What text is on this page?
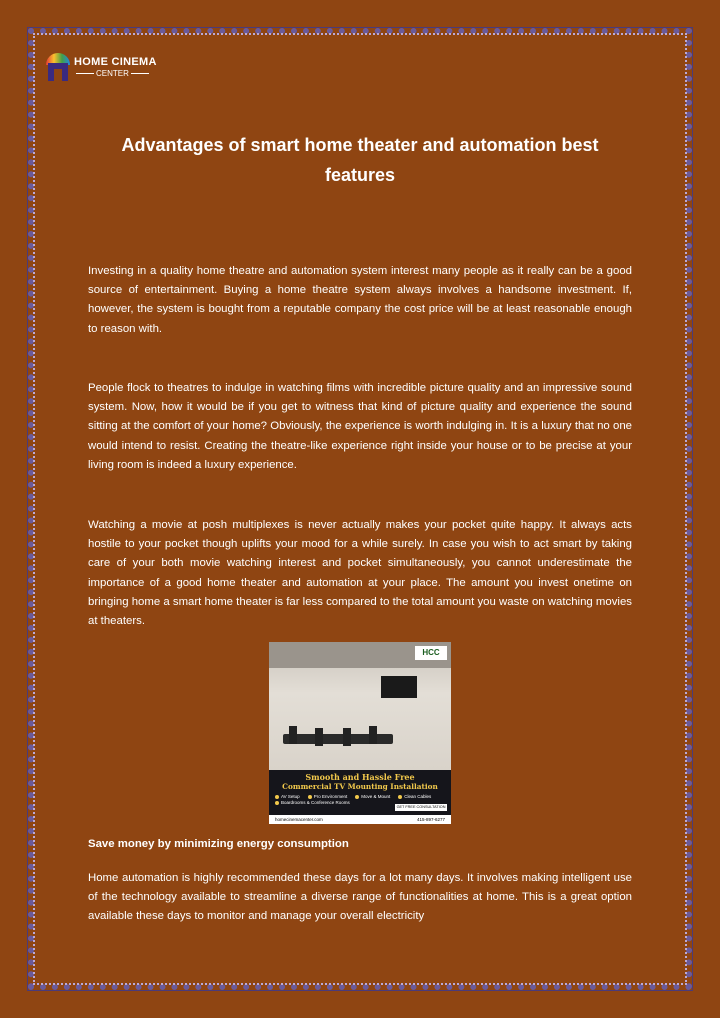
HOME CINEMA
CENTER
Advantages of smart home theater and automation best features

Investing in a quality home theatre and automation system interest many people as it really can be a good source of entertainment. Buying a home theatre system always involves a handsome investment. If, however, the system is bought from a reputable company the cost price will be at least reasonable enough to reason with.

People flock to theatres to indulge in watching films with incredible picture quality and an impressive sound system. Now, how it would be if you get to witness that kind of picture quality and experience the sound sitting at the comfort of your home? Obviously, the experience is worth indulging in. It is a luxury that no one would intend to resist. Creating the theatre-like experience right inside your house or to be precise at your living room is indeed a luxury experience.

Watching a movie at posh multiplexes is never actually makes your pocket quite happy. It always acts hostile to your pocket though uplifts your mood for a while surely. In case you wish to act smart by taking care of your both movie watching interest and pocket simultaneously, you cannot underestimate the importance of a good home theater and automation at your place. The amount you invest onetime on bringing home a smart home theater is far less compared to the total amount you waste on watching movies at theaters.

HCC
Smooth and Hassle Free
Commercial TV Mounting Installation
AV Setup	Pro Environment	Move & Mount	Clean Cables
Boardrooms & Conference Rooms
GET FREE CONSULTATION
homecinemacenter.com	415-897-6277

Save money by minimizing energy consumption

Home automation is highly recommended these days for a lot many days. It involves making intelligent use of the technology available to streamline a diverse range of functionalities at home. This is a great option available these days to monitor and manage your overall electricity
